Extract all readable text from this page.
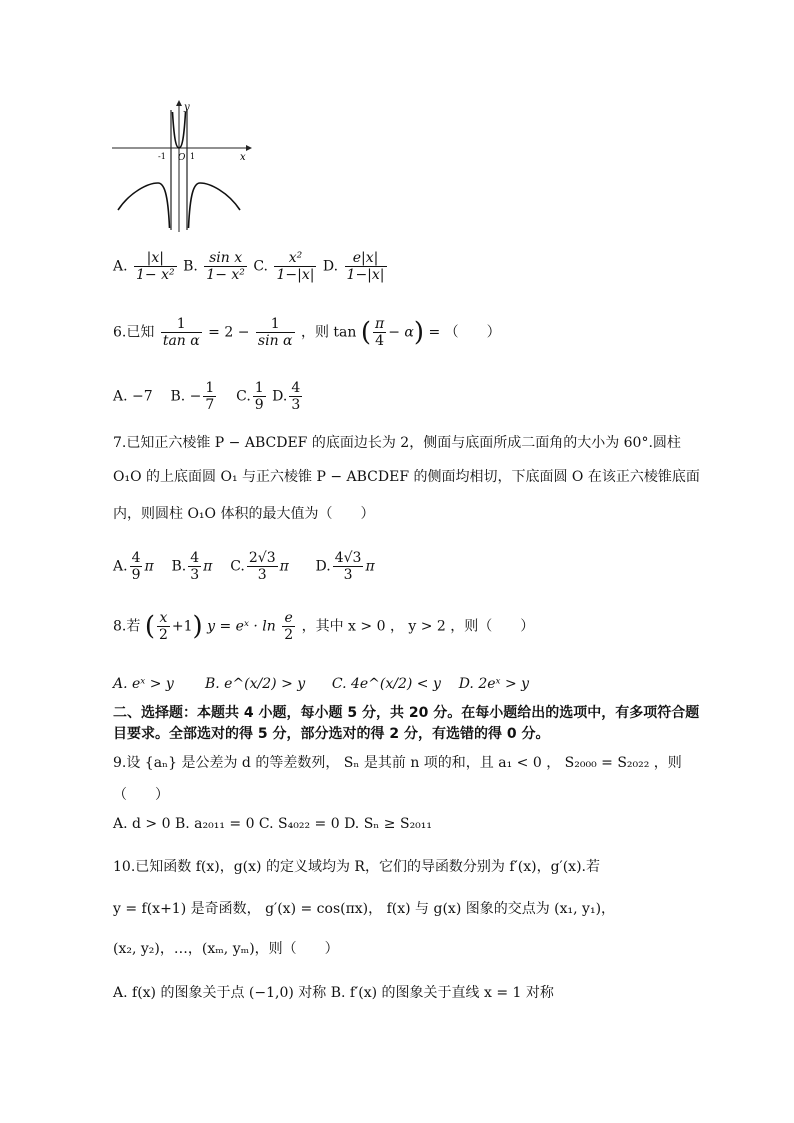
y
x
O
-1	1
A. $\frac{|x|}{\text{1− x²}} B$. $\frac{\text{sin x}}{\text{1− x²}} C$. $\frac{\text{x²}}{1-|x|} D$. $\frac{e|x|}{1-|x|}$
6.已知 $\frac{1}{\text{tan α}} = 2 - \frac{1}{\text{sin α}}$ ，则 tan ( $\frac{\pi}{4} - \alpha$) = （　　）
A. −7 B. − $\frac{1}{7} C$. $\frac{1}{9} D$. $\frac{4}{3}$
7.已知正六棱锥 P − ABCDEF 的底面边长为 2，侧面与底面所成二面角的大小为 60°.圆柱
O₁O 的上底面圆 O₁ 与正六棱锥 P − ABCDEF 的侧面均相切，下底面圆 O 在该正六棱锥底面
内，则圆柱 O₁O 体积的最大值为（　　）
A. $\frac{4}{9}$ π B. $\frac{4}{3}$ π C. $\frac{2√3}{3}$ π D. $\frac{4√3}{3}$ π
8.若 ( $\frac{x}{2} +1$) y = eˣ · $\ln \frac{e}{2}$ ，其中 x > 0 ， y > 2 ，则（　　）
A. eˣ > y B. e^(x/2) > y C. 4e^(x/2) < y D. 2eˣ > y
二、选择题：本题共 4 小题，每小题 5 分，共 20 分。在每小题给出的选项中，有多项符合题
目要求。全部选对的得 5 分，部分选对的得 2 分，有选错的得 0 分。
9.设 {aₙ} 是公差为 d 的等差数列， Sₙ 是其前 n 项的和，且 a₁ < 0 ， S₂₀₀₀ = S₂₀₂₂ ，则
（　　）
A. d > 0 B. a₂₀₁₁ = 0 C. S₄₀₂₂ = 0 D. Sₙ ≥ S₂₀₁₁
10.已知函数 f(x)，g(x) 的定义域均为 R，它们的导函数分别为 f′(x)，g′(x).若
y = f(x+1) 是奇函数， g′(x) = cos(πx)， f(x) 与 g(x) 图象的交点为 (x₁, y₁)，
(x₂, y₂)，…，(xₘ, yₘ)，则（　　）
A. f(x) 的图象关于点 (−1,0) 对称 B. f′(x) 的图象关于直线 x = 1 对称
